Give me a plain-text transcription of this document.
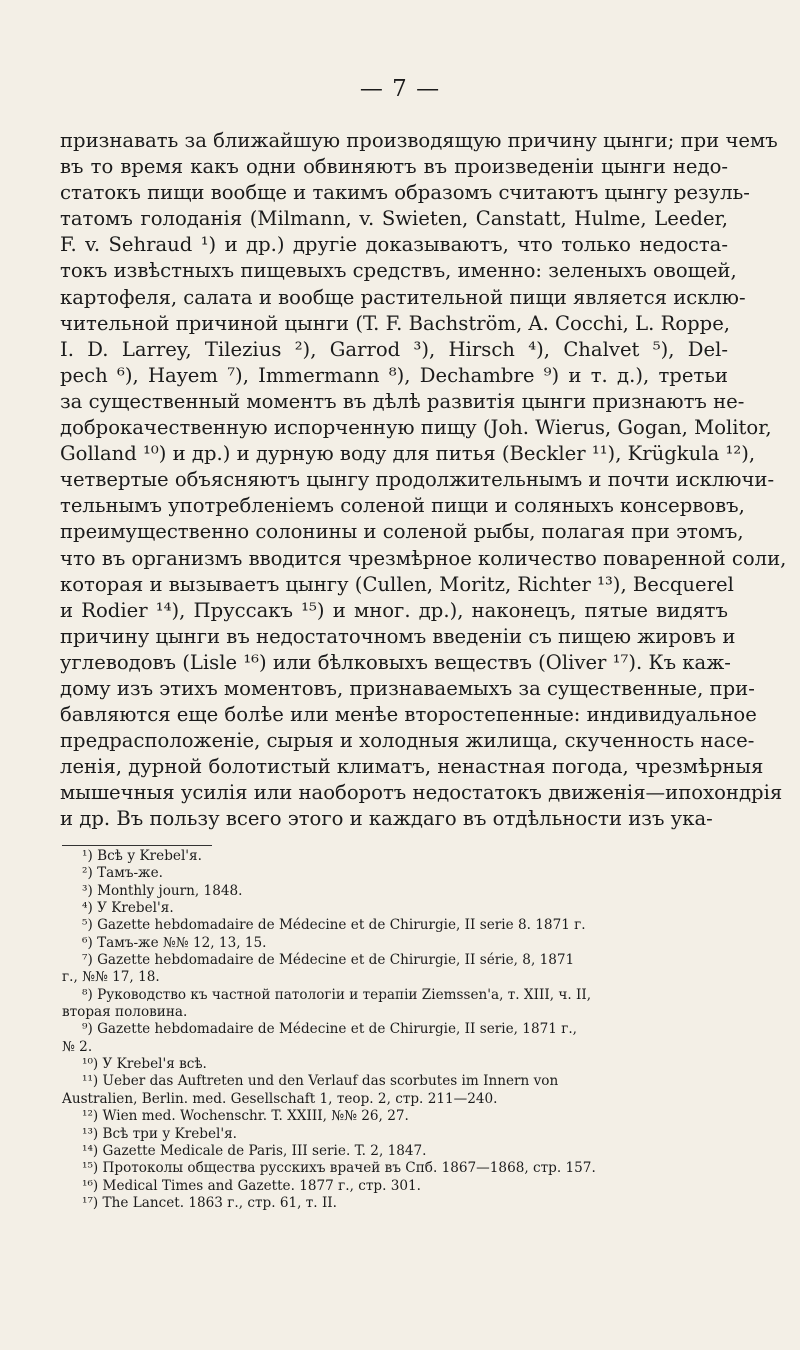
— 7 —
признавать за ближайшую производящую причину цынги; при чемъ
въ то время какъ одни обвиняютъ въ произведеніи цынги недо-
статокъ пищи вообще и такимъ образомъ считаютъ цынгу резуль-
татомъ голоданія (Milmann, v. Swieten, Canstatt, Hulme, Leeder,
F. v. Sehraud ¹) и др.) другіе доказываютъ, что только недоста-
токъ извѣстныхъ пищевыхъ средствъ, именно: зеленыхъ овощей,
картофеля, салата и вообще растительной пищи является исклю-
чительной причиной цынги (T. F. Bachström, A. Cocchi, L. Roppe,
I. D. Larrey, Tilezius ²), Garrod ³), Hirsch ⁴), Chalvet ⁵), Del-
pech ⁶), Hayem ⁷), Immermann ⁸), Dechambre ⁹) и т. д.), третьи
за существенный моментъ въ дѣлѣ развитія цынги признаютъ не-
доброкачественную испорченную пищу (Joh. Wierus, Gogan, Molitor,
Golland ¹⁰) и др.) и дурную воду для питья (Beckler ¹¹), Krügkula ¹²),
четвертые объясняютъ цынгу продолжительнымъ и почти исключи-
тельнымъ употребленіемъ соленой пищи и соляныхъ консервовъ,
преимущественно солонины и соленой рыбы, полагая при этомъ,
что въ организмъ вводится чрезмѣрное количество поваренной соли,
которая и вызываетъ цынгу (Cullen, Moritz, Richter ¹³), Becquerel
и Rodier ¹⁴), Пруссакъ ¹⁵) и мног. др.), наконецъ, пятые видятъ
причину цынги въ недостаточномъ введеніи съ пищею жировъ и
углеводовъ (Lisle ¹⁶) или бѣлковыхъ веществъ (Oliver ¹⁷). Къ каж-
дому изъ этихъ моментовъ, признаваемыхъ за существенные, при-
бавляются еще болѣе или менѣе второстепенные: индивидуальное
предрасположеніе, сырыя и холодныя жилища, скученность насе-
ленія, дурной болотистый климатъ, ненастная погода, чрезмѣрныя
мышечныя усилія или наоборотъ недостатокъ движенія—ипохондрія
и др. Въ пользу всего этого и каждаго въ отдѣльности изъ ука-
¹) Всѣ у Krebel'я.
²) Тамъ-же.
³) Monthly journ, 1848.
⁴) У Krebel'я.
⁵) Gazette hebdomadaire de Médecine et de Chirurgie, II serie 8. 1871 г.
⁶) Тамъ-же №№ 12, 13, 15.
⁷) Gazette hebdomadaire de Médecine et de Chirurgie, II série, 8, 1871
г., №№ 17, 18.
⁸) Руководство къ частной патологіи и терапіи Ziemssen'а, т. XIII, ч. II,
вторая половина.
⁹) Gazette hebdomadaire de Médecine et de Chirurgie, II serie, 1871 г.,
№ 2.
¹⁰) У Krebel'я всѣ.
¹¹) Ueber das Auftreten und den Verlauf das scorbutes im Innern von
Australien, Berlin. med. Gesellschaft 1, теор. 2, стр. 211—240.
¹²) Wien med. Wochenschr. T. XXIII, №№ 26, 27.
¹³) Всѣ три у Krebel'я.
¹⁴) Gazette Medicale de Paris, III serie. T. 2, 1847.
¹⁵) Протоколы общества русскихъ врачей въ Спб. 1867—1868, стр. 157.
¹⁶) Medical Times and Gazette. 1877 г., стр. 301.
¹⁷) The Lancet. 1863 г., стр. 61, т. II.
